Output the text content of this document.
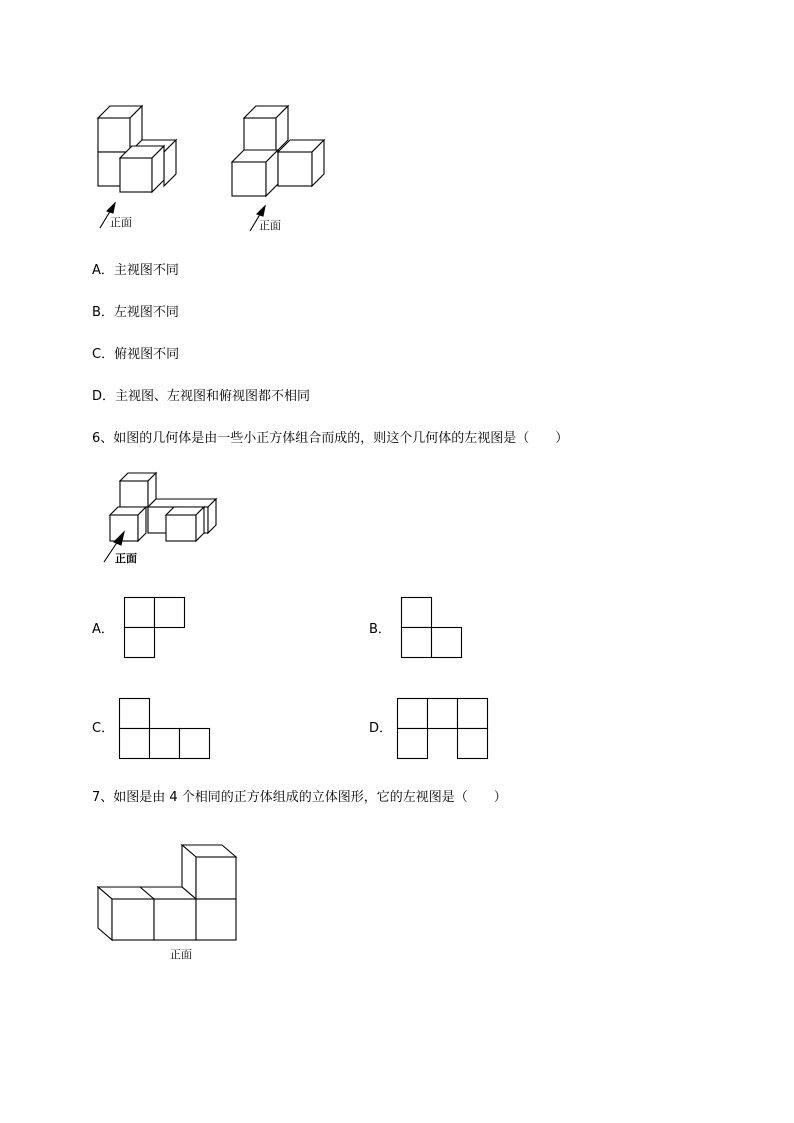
正面	正面
A．主视图不同
B．左视图不同
C．俯视图不同
D．主视图、左视图和俯视图都不相同
6、如图的几何体是由一些小正方体组合而成的，则这个几何体的左视图是（　　）
正面
A．	B．
C．	D．
7、如图是由 4 个相同的正方体组成的立体图形，它的左视图是（　　）
正面
